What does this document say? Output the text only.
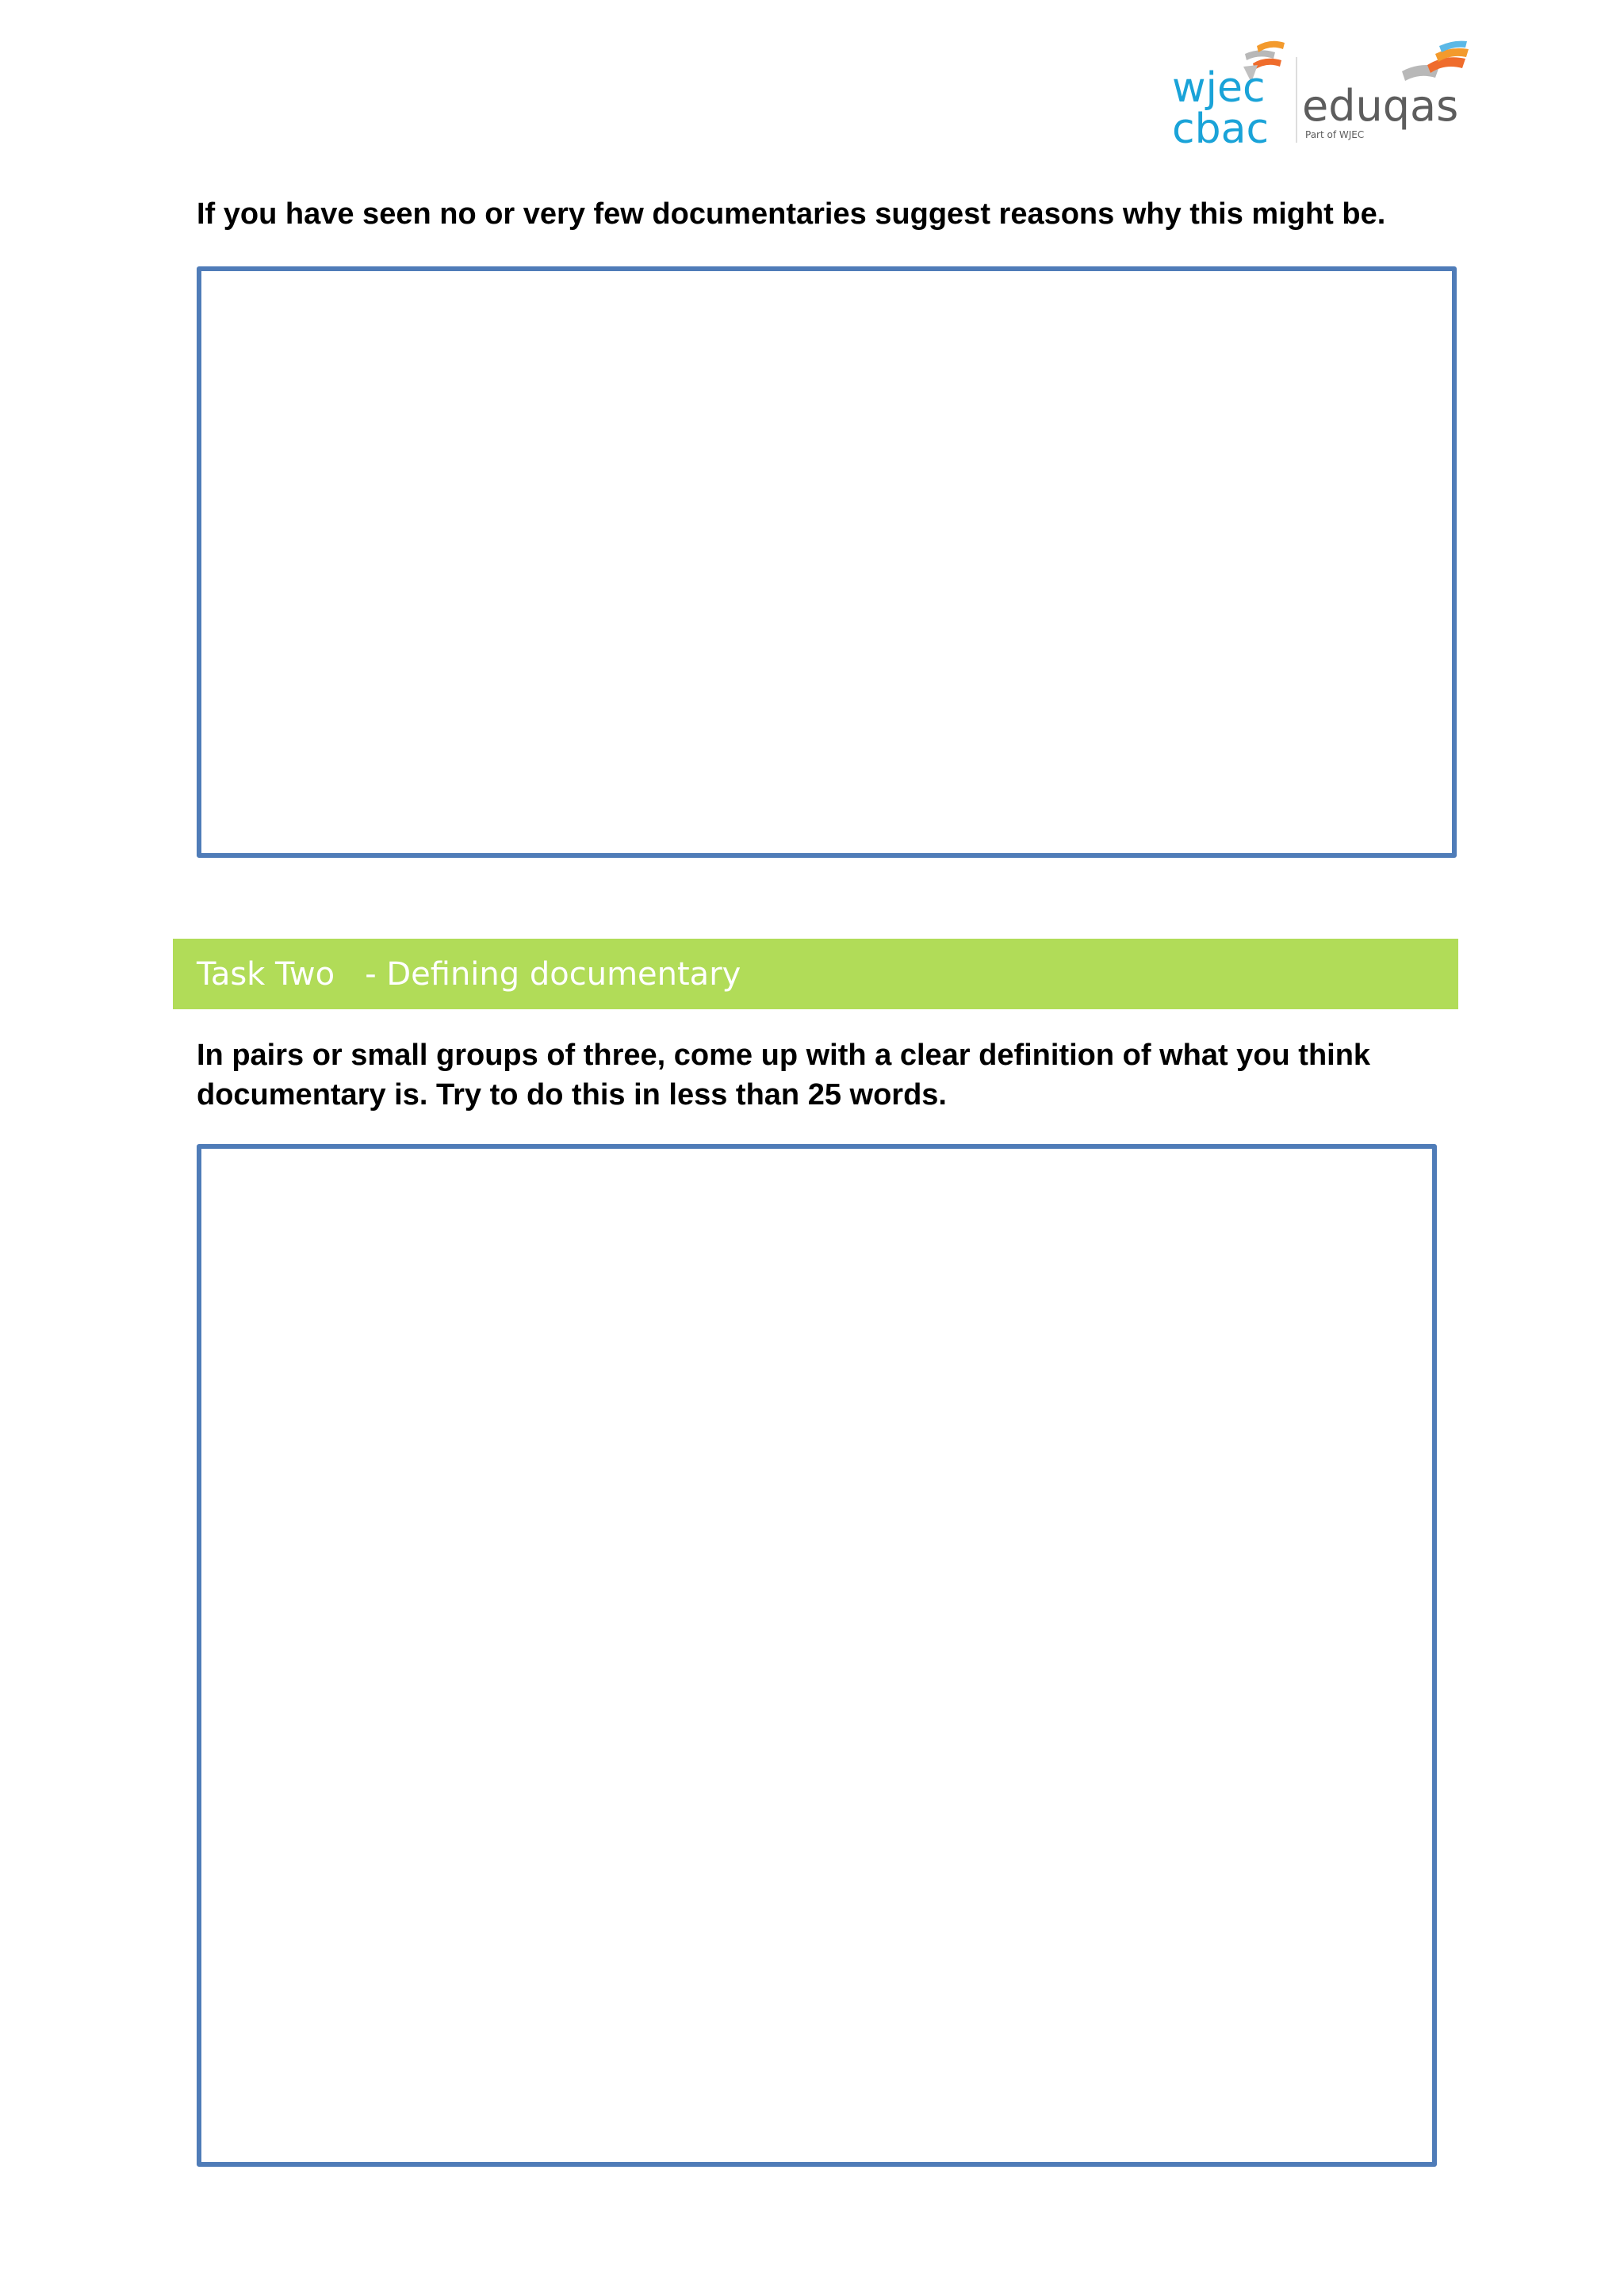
wjec
cbac eduqas
Part of WJEC

If you have seen no or very few documentaries suggest reasons why this might be.

Task Two   - Defining documentary

In pairs or small groups of three, come up with a clear definition of what you think documentary is. Try to do this in less than 25 words.
